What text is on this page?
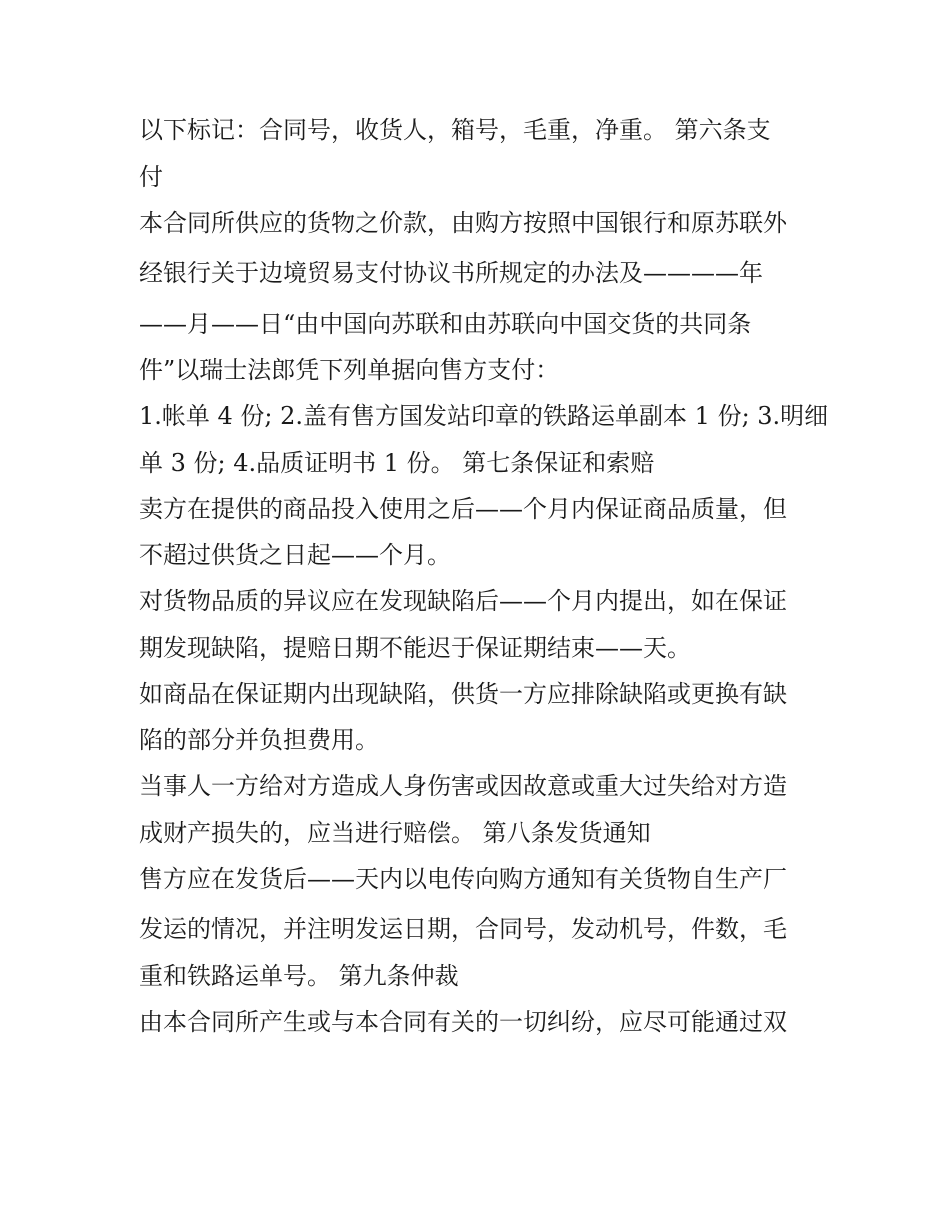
以下标记：合同号，收货人，箱号，毛重，净重。 第六条支
付
本合同所供应的货物之价款，由购方按照中国银行和原苏联外
经银行关于边境贸易支付协议书所规定的办法及————年
——月——日“由中国向苏联和由苏联向中国交货的共同条
件”以瑞士法郎凭下列单据向售方支付：
1.帐单 4 份; 2.盖有售方国发站印章的铁路运单副本 1 份; 3.明细
单 3 份; 4.品质证明书 1 份。 第七条保证和索赔
卖方在提供的商品投入使用之后——个月内保证商品质量，但
不超过供货之日起——个月。
对货物品质的异议应在发现缺陷后——个月内提出，如在保证
期发现缺陷，提赔日期不能迟于保证期结束——天。
如商品在保证期内出现缺陷，供货一方应排除缺陷或更换有缺
陷的部分并负担费用。
当事人一方给对方造成人身伤害或因故意或重大过失给对方造
成财产损失的，应当进行赔偿。 第八条发货通知
售方应在发货后——天内以电传向购方通知有关货物自生产厂
发运的情况，并注明发运日期，合同号，发动机号，件数，毛
重和铁路运单号。 第九条仲裁
由本合同所产生或与本合同有关的一切纠纷，应尽可能通过双
